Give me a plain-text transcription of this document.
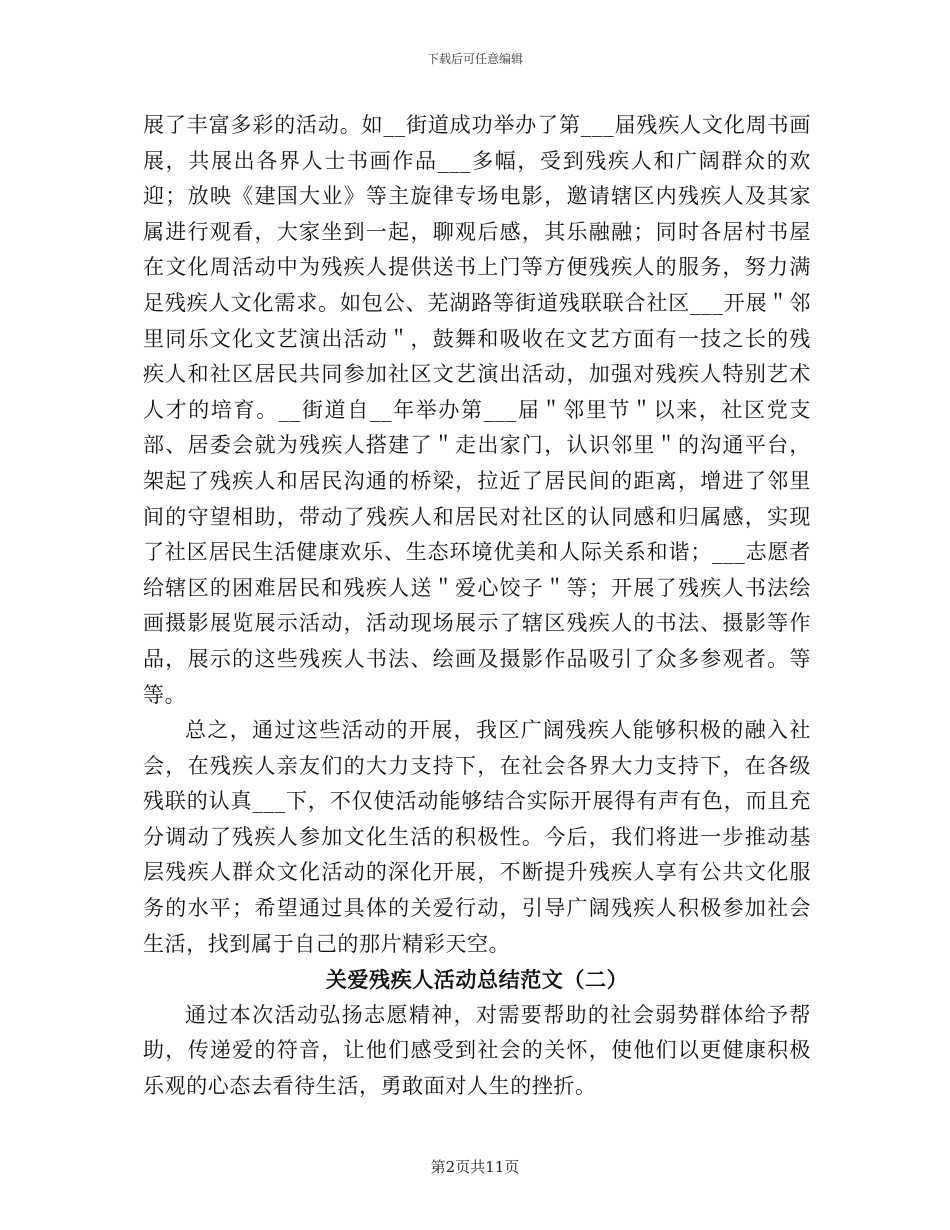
下载后可任意编辑

展了丰富多彩的活动。如__街道成功举办了第___届残疾人文化周书画展，共展出各界人士书画作品___多幅，受到残疾人和广阔群众的欢迎；放映《建国大业》等主旋律专场电影，邀请辖区内残疾人及其家属进行观看，大家坐到一起，聊观后感，其乐融融；同时各居村书屋在文化周活动中为残疾人提供送书上门等方便残疾人的服务，努力满足残疾人文化需求。如包公、芜湖路等街道残联联合社区___开展＂邻里同乐文化文艺演出活动＂，鼓舞和吸收在文艺方面有一技之长的残疾人和社区居民共同参加社区文艺演出活动，加强对残疾人特别艺术人才的培育。__街道自__年举办第___届＂邻里节＂以来，社区党支部、居委会就为残疾人搭建了＂走出家门，认识邻里＂的沟通平台，架起了残疾人和居民沟通的桥梁，拉近了居民间的距离，增进了邻里间的守望相助，带动了残疾人和居民对社区的认同感和归属感，实现了社区居民生活健康欢乐、生态环境优美和人际关系和谐；___志愿者给辖区的困难居民和残疾人送＂爱心饺子＂等；开展了残疾人书法绘画摄影展览展示活动，活动现场展示了辖区残疾人的书法、摄影等作品，展示的这些残疾人书法、绘画及摄影作品吸引了众多参观者。等等。

总之，通过这些活动的开展，我区广阔残疾人能够积极的融入社会，在残疾人亲友们的大力支持下，在社会各界大力支持下，在各级残联的认真___下，不仅使活动能够结合实际开展得有声有色，而且充分调动了残疾人参加文化生活的积极性。今后，我们将进一步推动基层残疾人群众文化活动的深化开展，不断提升残疾人享有公共文化服务的水平；希望通过具体的关爱行动，引导广阔残疾人积极参加社会生活，找到属于自己的那片精彩天空。

关爱残疾人活动总结范文（二）

通过本次活动弘扬志愿精神，对需要帮助的社会弱势群体给予帮助，传递爱的符音，让他们感受到社会的关怀，使他们以更健康积极乐观的心态去看待生活，勇敢面对人生的挫折。

第2页共11页
